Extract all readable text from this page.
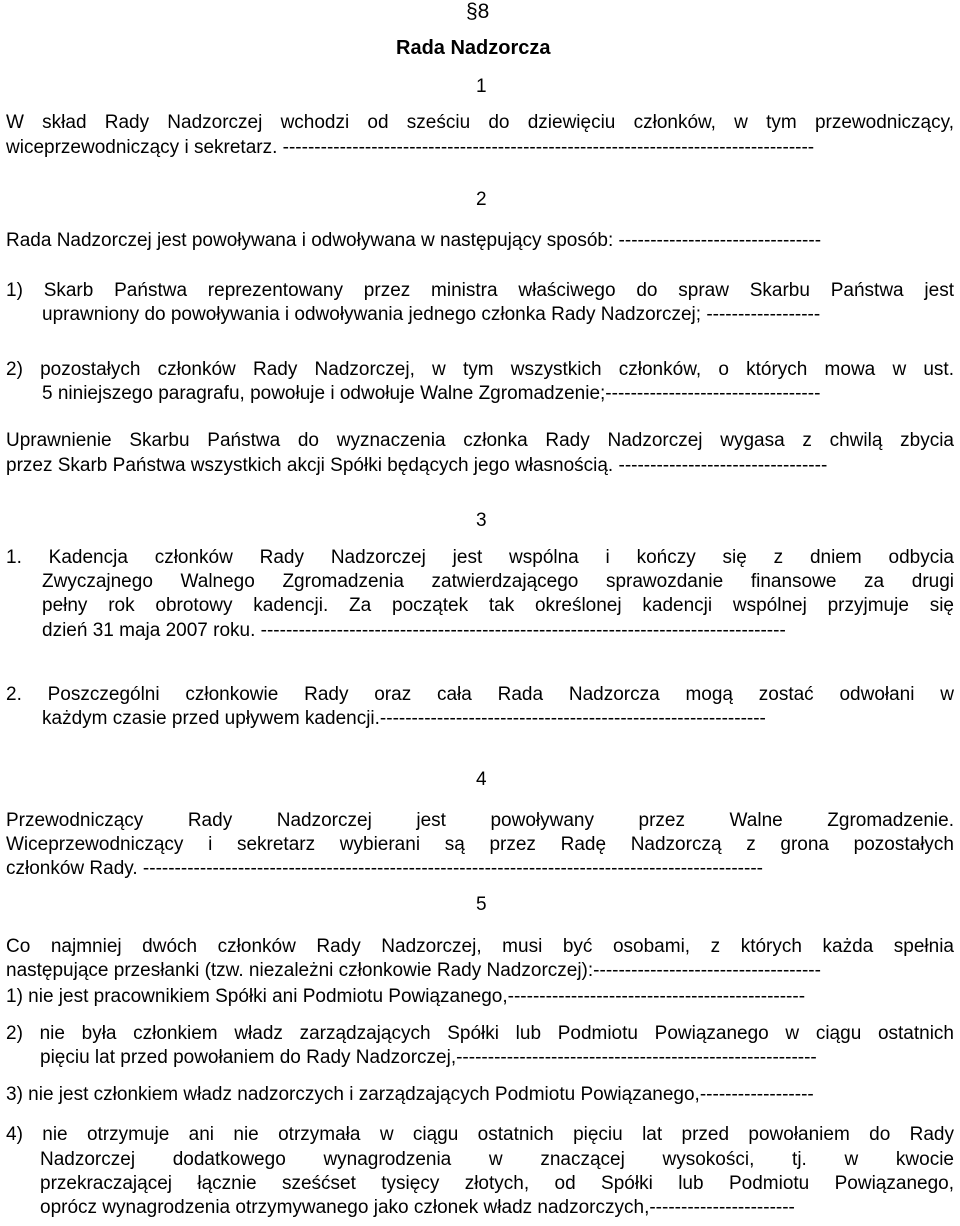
§8
Rada Nadzorcza
1
W skład Rady Nadzorczej wchodzi od sześciu do dziewięciu członków, w tym przewodniczący,
wiceprzewodniczący i sekretarz. ------------------------------------------------------------------------------------
2
Rada Nadzorczej jest powoływana i odwoływana w następujący sposób: --------------------------------
1) Skarb Państwa reprezentowany przez ministra właściwego do spraw Skarbu Państwa jest
uprawniony do powoływania i odwoływania jednego członka Rady Nadzorczej; ------------------
2) pozostałych członków Rady Nadzorczej, w tym wszystkich członków, o których mowa w ust.
5 niniejszego paragrafu, powołuje i odwołuje Walne Zgromadzenie;----------------------------------
Uprawnienie Skarbu Państwa do wyznaczenia członka Rady Nadzorczej wygasa z chwilą zbycia
przez Skarb Państwa wszystkich akcji Spółki będących jego własnością. ---------------------------------
3
1. Kadencja członków Rady Nadzorczej jest wspólna i kończy się z dniem odbycia
Zwyczajnego Walnego Zgromadzenia zatwierdzającego sprawozdanie finansowe za drugi
pełny rok obrotowy kadencji. Za początek tak określonej kadencji wspólnej przyjmuje się
dzień 31 maja 2007 roku. -----------------------------------------------------------------------------------
2. Poszczególni członkowie Rady oraz cała Rada Nadzorcza mogą zostać odwołani w
każdym czasie przed upływem kadencji.-------------------------------------------------------------
4
Przewodniczący Rady Nadzorczej jest powoływany przez Walne Zgromadzenie.
Wiceprzewodniczący i sekretarz wybierani są przez Radę Nadzorczą z grona pozostałych
członków Rady. --------------------------------------------------------------------------------------------------
5
Co najmniej dwóch członków Rady Nadzorczej, musi być osobami, z których każda spełnia
następujące przesłanki (tzw. niezależni członkowie Rady Nadzorczej):------------------------------------
1) nie jest pracownikiem Spółki ani Podmiotu Powiązanego,-----------------------------------------------
2) nie była członkiem władz zarządzających Spółki lub Podmiotu Powiązanego w ciągu ostatnich
pięciu lat przed powołaniem do Rady Nadzorczej,---------------------------------------------------------
3) nie jest członkiem władz nadzorczych i zarządzających Podmiotu Powiązanego,------------------
4) nie otrzymuje ani nie otrzymała w ciągu ostatnich pięciu lat przed powołaniem do Rady
Nadzorczej dodatkowego wynagrodzenia w znaczącej wysokości, tj. w kwocie
przekraczającej łącznie sześćset tysięcy złotych, od Spółki lub Podmiotu Powiązanego,
oprócz wynagrodzenia otrzymywanego jako członek władz nadzorczych,-----------------------
